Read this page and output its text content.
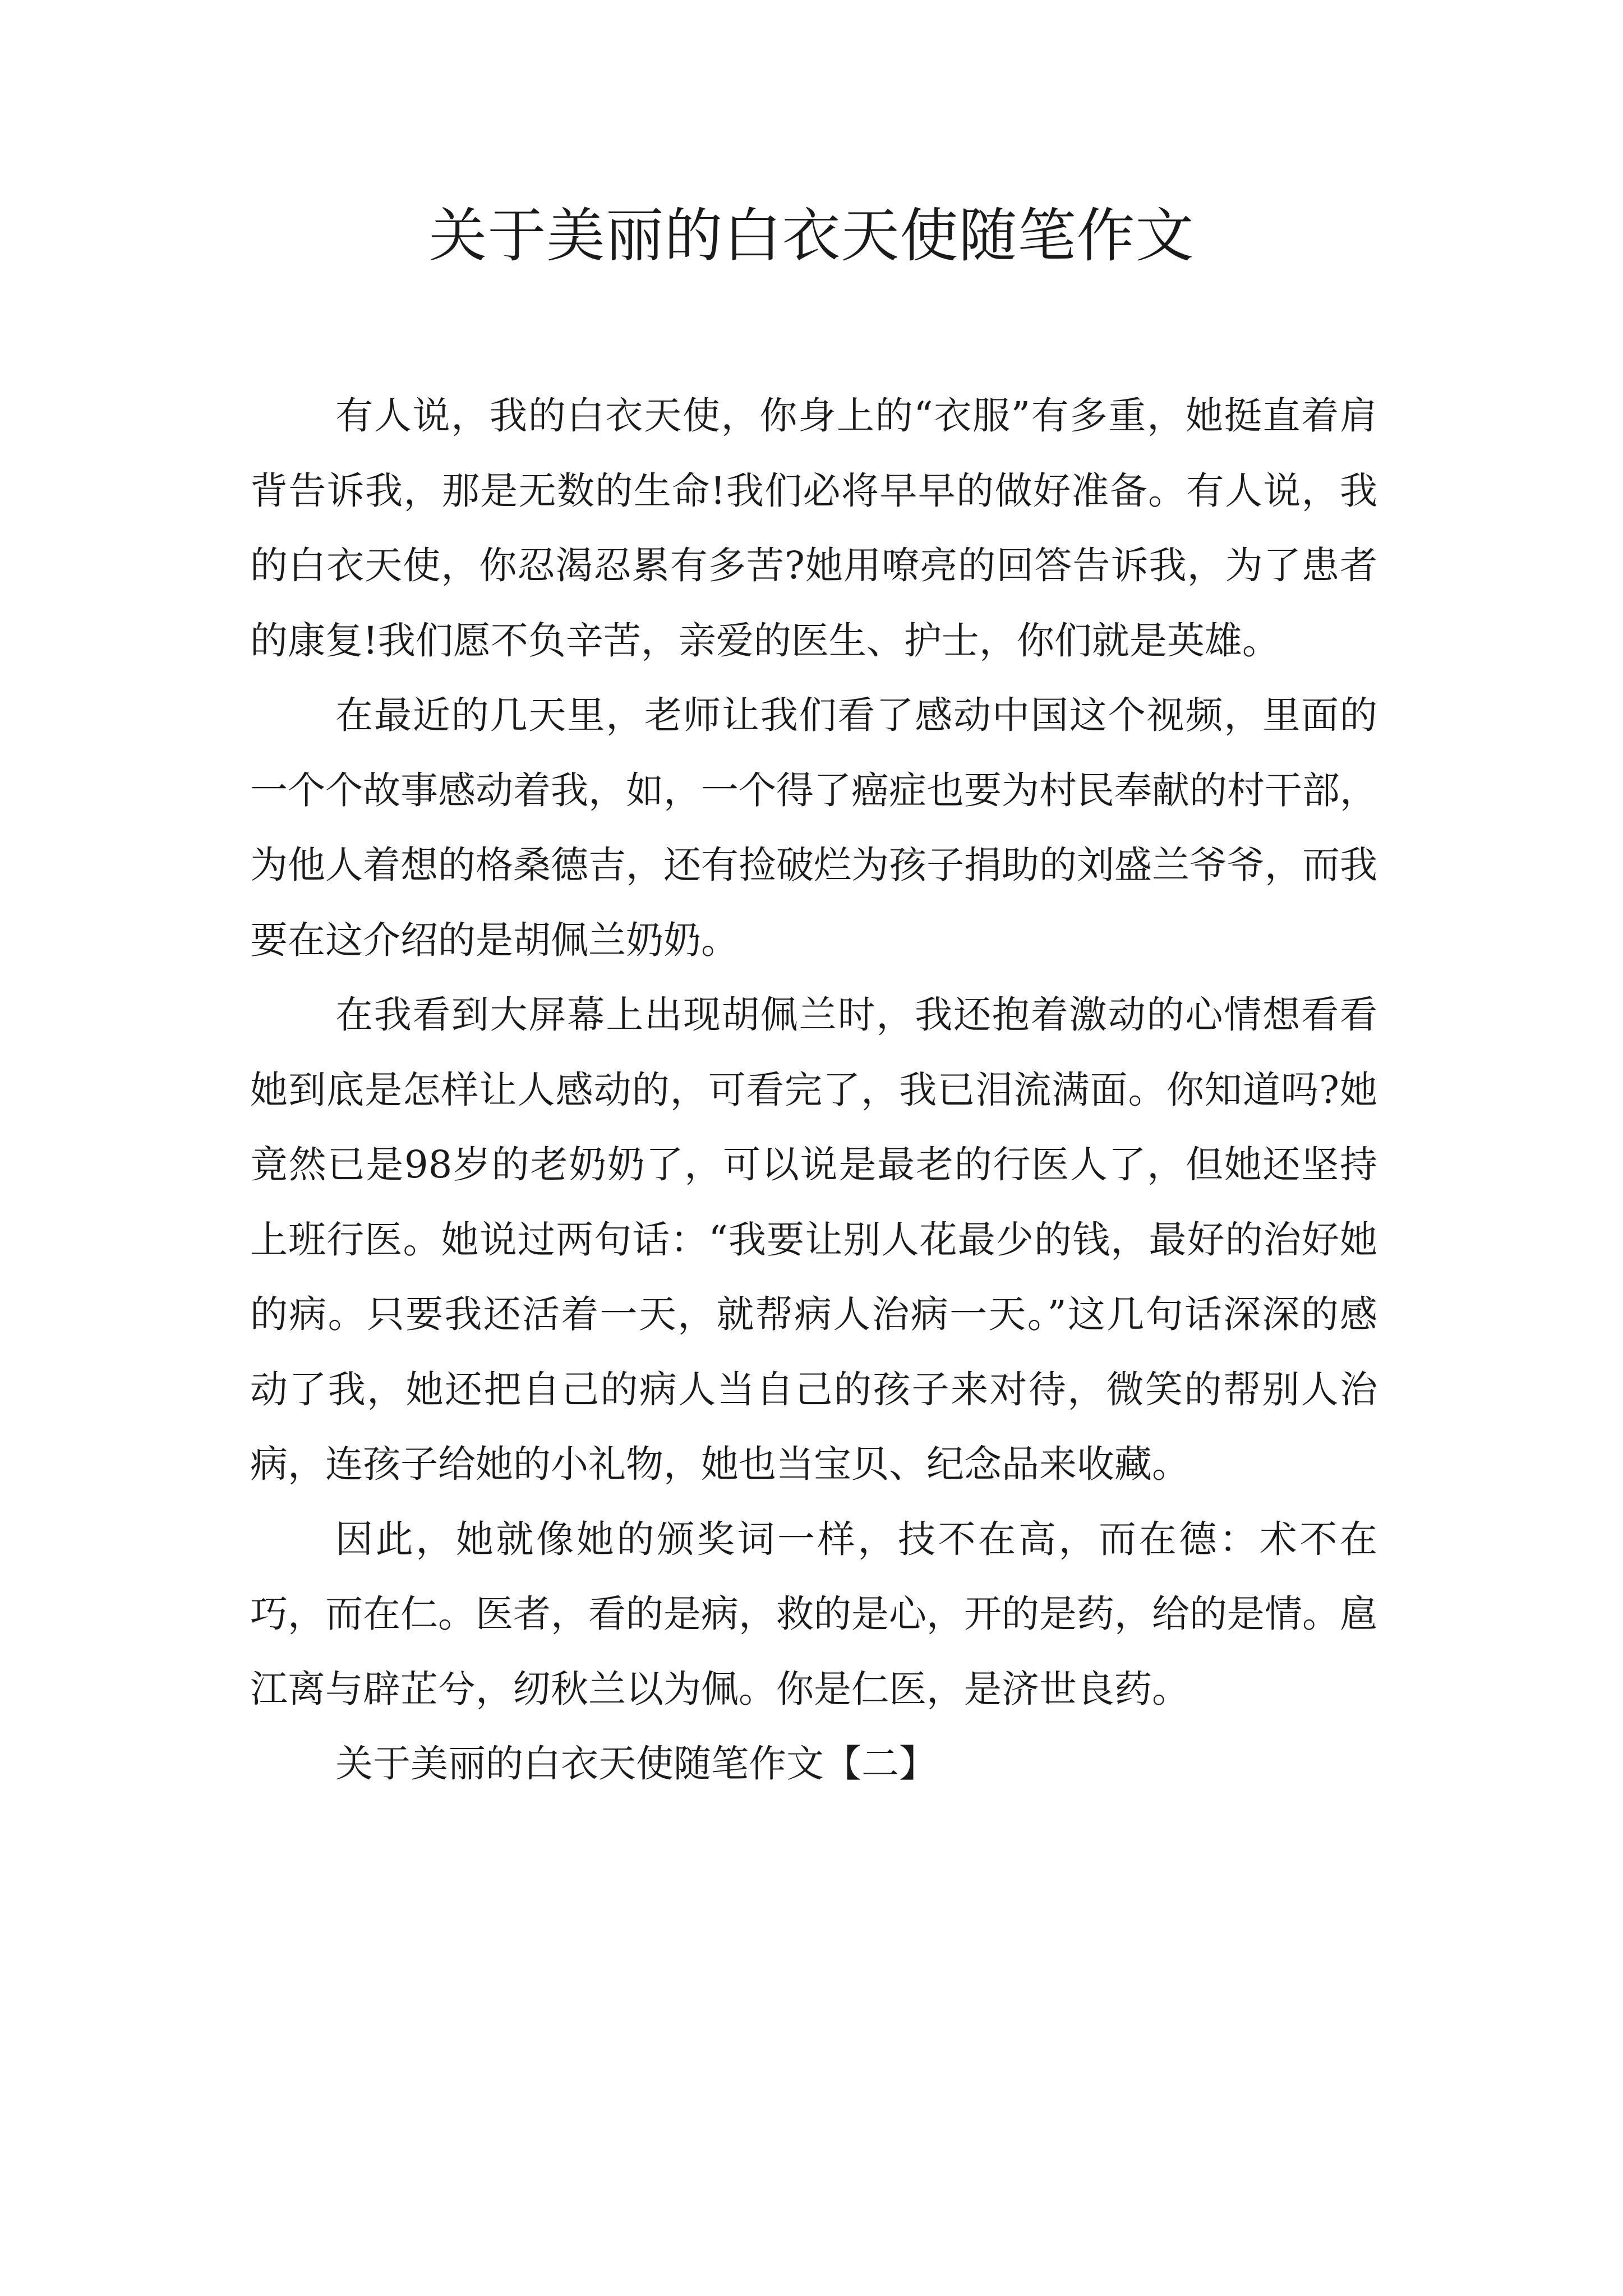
关于美丽的白衣天使随笔作文

有人说，我的白衣天使，你身上的“衣服”有多重，她挺直着肩背告诉我，那是无数的生命!我们必将早早的做好准备。有人说，我的白衣天使，你忍渴忍累有多苦?她用嘹亮的回答告诉我，为了患者的康复!我们愿不负辛苦，亲爱的医生、护士，你们就是英雄。

在最近的几天里，老师让我们看了感动中国这个视频，里面的一个个故事感动着我，如，一个得了癌症也要为村民奉献的村干部，为他人着想的格桑德吉，还有捡破烂为孩子捐助的刘盛兰爷爷，而我要在这介绍的是胡佩兰奶奶。

在我看到大屏幕上出现胡佩兰时，我还抱着激动的心情想看看她到底是怎样让人感动的，可看完了，我已泪流满面。你知道吗?她竟然已是98岁的老奶奶了，可以说是最老的行医人了，但她还坚持上班行医。她说过两句话：“我要让别人花最少的钱，最好的治好她的病。只要我还活着一天，就帮病人治病一天。”这几句话深深的感动了我，她还把自己的病人当自己的孩子来对待，微笑的帮别人治病，连孩子给她的小礼物，她也当宝贝、纪念品来收藏。

因此，她就像她的颁奖词一样，技不在高，而在德：术不在巧，而在仁。医者，看的是病，救的是心，开的是药，给的是情。扈江离与辟芷兮，纫秋兰以为佩。你是仁医，是济世良药。

关于美丽的白衣天使随笔作文【二】
